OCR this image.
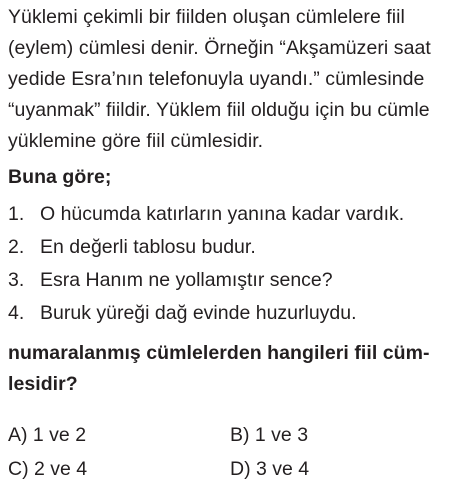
Yüklemi çekimli bir fiilden oluşan cümlelere fiil
(eylem) cümlesi denir. Örneğin “Akşamüzeri saat
yedide Esra’nın telefonuyla uyandı.” cümlesinde
“uyanmak” fiildir. Yüklem fiil olduğu için bu cümle
yüklemine göre fiil cümlesidir.
Buna göre;
1. O hücumda katırların yanına kadar vardık.
2. En değerli tablosu budur.
3. Esra Hanım ne yollamıştır sence?
4. Buruk yüreği dağ evinde huzurluydu.
numaralanmış cümlelerden hangileri fiil cüm-
lesidir?
A) 1 ve 2	B) 1 ve 3
C) 2 ve 4	D) 3 ve 4
